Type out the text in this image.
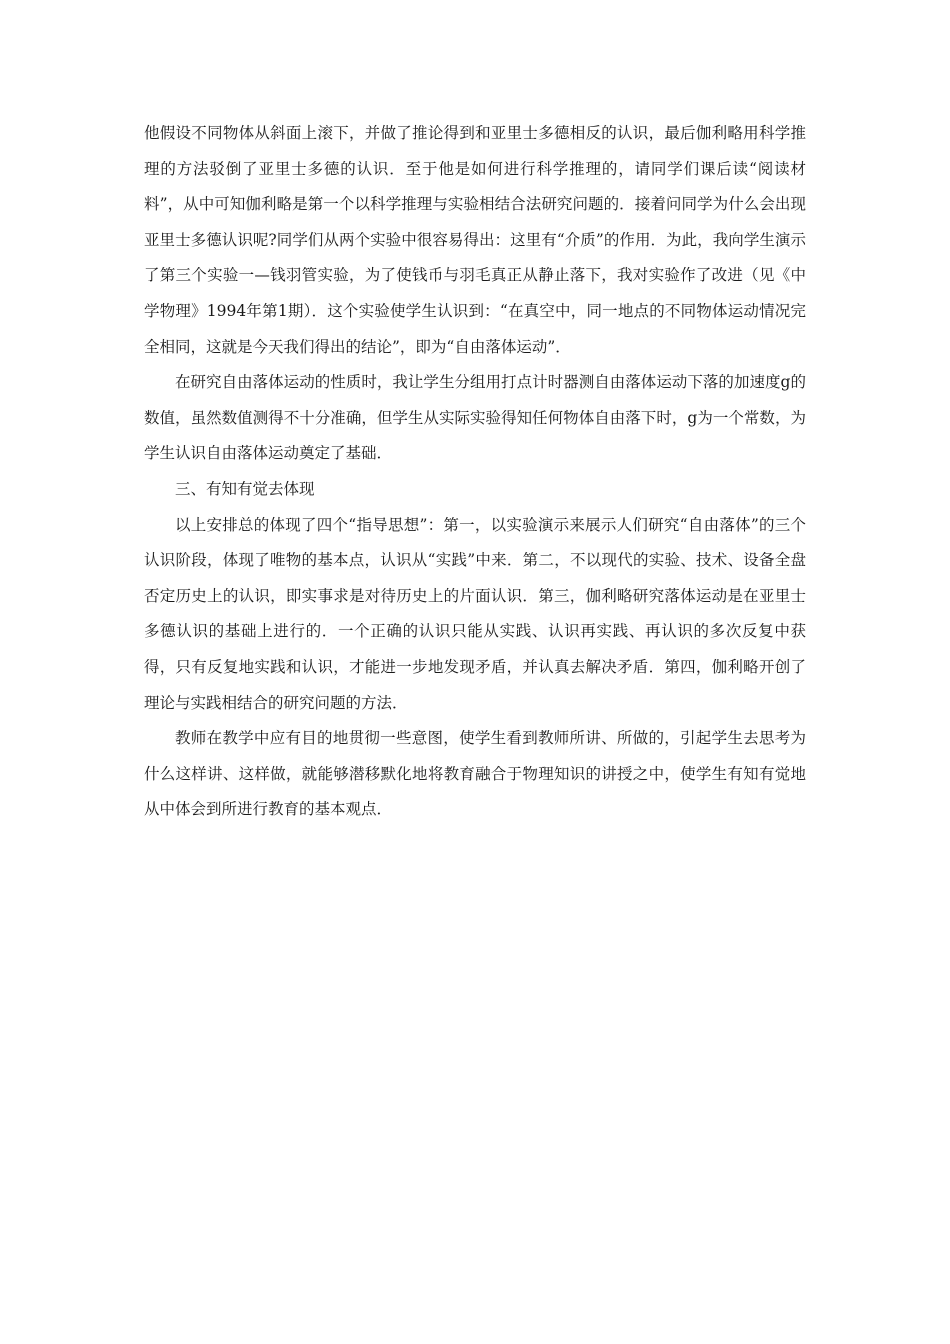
他假设不同物体从斜面上滚下，并做了推论得到和亚里士多德相反的认识，最后伽利略用科学推理的方法驳倒了亚里士多德的认识．至于他是如何进行科学推理的，请同学们课后读“阅读材料”，从中可知伽利略是第一个以科学推理与实验相结合法研究问题的．接着问同学为什么会出现亚里士多德认识呢?同学们从两个实验中很容易得出：这里有“介质”的作用．为此，我向学生演示了第三个实验一—钱羽管实验，为了使钱币与羽毛真正从静止落下，我对实验作了改进（见《中学物理》1994年第1期）．这个实验使学生认识到：“在真空中，同一地点的不同物体运动情况完全相同，这就是今天我们得出的结论”，即为“自由落体运动”．

在研究自由落体运动的性质时，我让学生分组用打点计时器测自由落体运动下落的加速度g的数值，虽然数值测得不十分准确，但学生从实际实验得知任何物体自由落下时，g为一个常数，为学生认识自由落体运动奠定了基础．

三、有知有觉去体现

以上安排总的体现了四个“指导思想”：第一，以实验演示来展示人们研究“自由落体”的三个认识阶段，体现了唯物的基本点，认识从“实践”中来．第二，不以现代的实验、技术、设备全盘否定历史上的认识，即实事求是对待历史上的片面认识．第三，伽利略研究落体运动是在亚里士多德认识的基础上进行的．一个正确的认识只能从实践、认识再实践、再认识的多次反复中获得，只有反复地实践和认识，才能进一步地发现矛盾，并认真去解决矛盾．第四，伽利略开创了理论与实践相结合的研究问题的方法．

教师在教学中应有目的地贯彻一些意图，使学生看到教师所讲、所做的，引起学生去思考为什么这样讲、这样做，就能够潜移默化地将教育融合于物理知识的讲授之中，使学生有知有觉地从中体会到所进行教育的基本观点．
